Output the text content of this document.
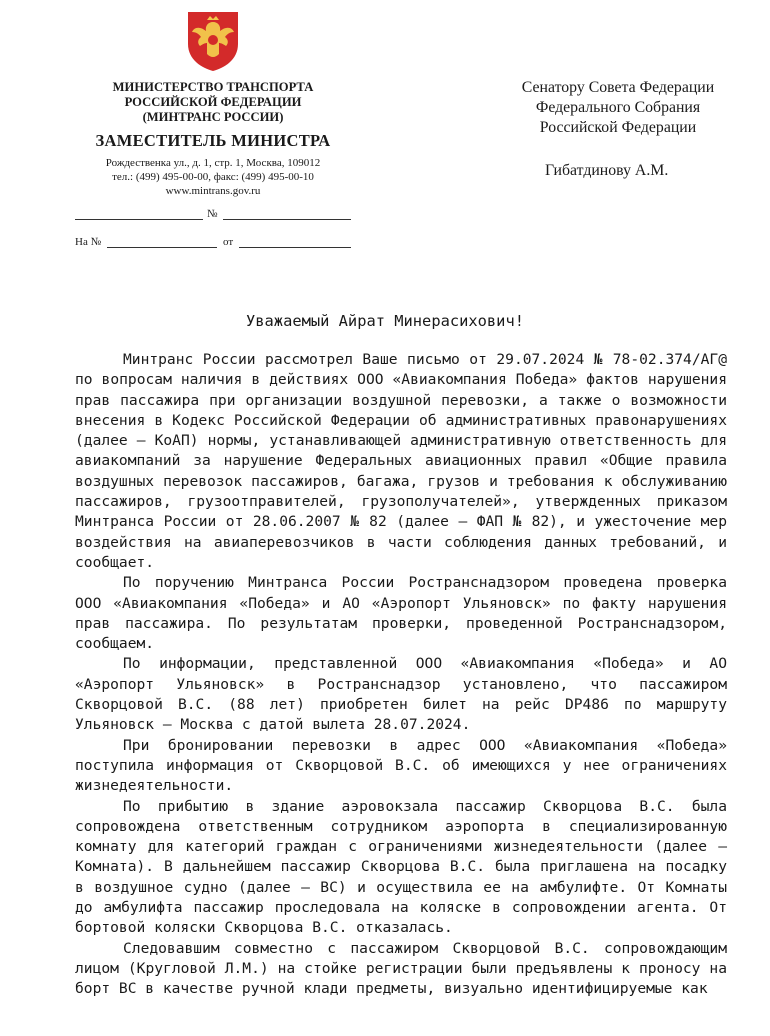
МИНИСТЕРСТВО ТРАНСПОРТА
РОССИЙСКОЙ ФЕДЕРАЦИИ
(МИНТРАНС РОССИИ)
ЗАМЕСТИТЕЛЬ МИНИСТРА
Рождественка ул., д. 1, стр. 1, Москва, 109012
тел.: (499) 495-00-00, факс: (499) 495-00-10
www.mintrans.gov.ru
№
На №	от
Сенатору Совета Федерации
Федерального Собрания
Российской Федерации
Гибатдинову А.М.
Уважаемый Айрат Минерасихович!

Минтранс России рассмотрел Ваше письмо от 29.07.2024 № 78-02.374/АГ@ по вопросам наличия в действиях ООО «Авиакомпания Победа» фактов нарушения прав пассажира при организации воздушной перевозки, а также о возможности внесения в Кодекс Российской Федерации об административных правонарушениях (далее – КоАП) нормы, устанавливающей административную ответственность для авиакомпаний за нарушение Федеральных авиационных правил «Общие правила воздушных перевозок пассажиров, багажа, грузов и требования к обслуживанию пассажиров, грузоотправителей, грузополучателей», утвержденных приказом Минтранса России от 28.06.2007 № 82 (далее – ФАП № 82), и ужесточение мер воздействия на авиаперевозчиков в части соблюдения данных требований, и сообщает.

По поручению Минтранса России Ространснадзором проведена проверка ООО «Авиакомпания «Победа» и АО «Аэропорт Ульяновск» по факту нарушения прав пассажира. По результатам проверки, проведенной Ространснадзором, сообщаем.

По информации, представленной ООО «Авиакомпания «Победа» и АО «Аэропорт Ульяновск» в Ространснадзор установлено, что пассажиром Скворцовой В.С. (88 лет) приобретен билет на рейс DP486 по маршруту Ульяновск – Москва с датой вылета 28.07.2024.

При бронировании перевозки в адрес ООО «Авиакомпания «Победа» поступила информация от Скворцовой В.С. об имеющихся у нее ограничениях жизнедеятельности.

По прибытию в здание аэровокзала пассажир Скворцова В.С. была сопровождена ответственным сотрудником аэропорта в специализированную комнату для категорий граждан с ограничениями жизнедеятельности (далее – Комната). В дальнейшем пассажир Скворцова В.С. была приглашена на посадку в воздушное судно (далее – ВС) и осуществила ее на амбулифте. От Комнаты до амбулифта пассажир проследовала на коляске в сопровождении агента. От бортовой коляски Скворцова В.С. отказалась.

Следовавшим совместно с пассажиром Скворцовой В.С. сопровождающим лицом (Кругловой Л.М.) на стойке регистрации были предъявлены к проносу на борт ВС в качестве ручной клади предметы, визуально идентифицируемые как
